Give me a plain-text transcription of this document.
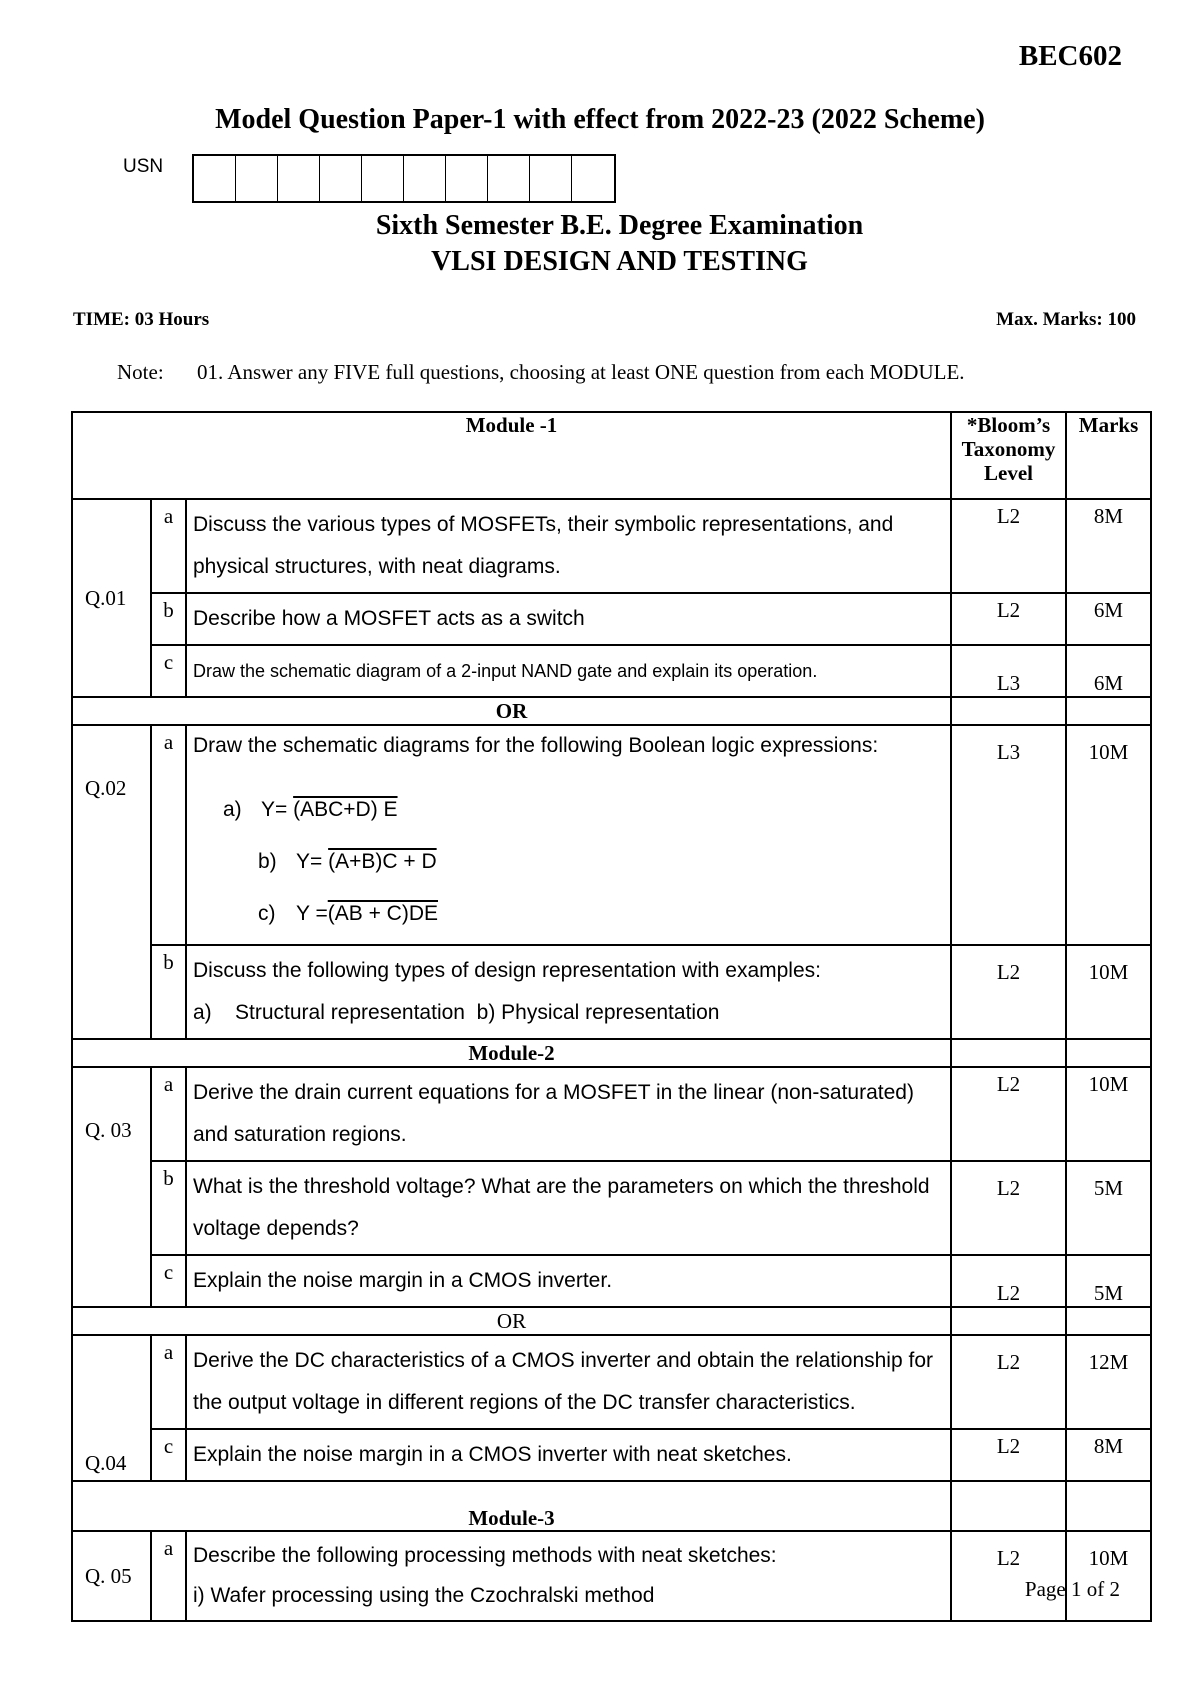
BEC602
Model Question Paper-1 with effect from 2022-23 (2022 Scheme)
USN
Sixth Semester B.E. Degree Examination
VLSI DESIGN AND TESTING
TIME: 03 Hours	Max. Marks: 100
Note: 01. Answer any FIVE full questions, choosing at least ONE question from each MODULE.
Module -1			*Bloom’s Taxonomy Level	Marks
Q.01	a	Discuss the various types of MOSFETs, their symbolic representations, and physical structures, with neat diagrams.	L2	8M
	b	Describe how a MOSFET acts as a switch	L2	6M
	c	Draw the schematic diagram of a 2-input NAND gate and explain its operation.	L3	6M
OR				
Q.02	a	Draw the schematic diagrams for the following Boolean logic expressions:
a) Y= (ABC+D) E
b) Y= (A+B)C + D
c) Y =(AB + C)DE	L3	10M
	b	Discuss the following types of design representation with examples:
a)    Structural representation  b) Physical representation	L2	10M
Module-2				
Q. 03	a	Derive the drain current equations for a MOSFET in the linear (non-saturated) and saturation regions.	L2	10M
	b	What is the threshold voltage? What are the parameters on which the threshold voltage depends?	L2	5M
	c	Explain the noise margin in a CMOS inverter.	L2	5M
OR				
Q.04	a	Derive the DC characteristics of a CMOS inverter and obtain the relationship for the output voltage in different regions of the DC transfer characteristics.	L2	12M
	c	Explain the noise margin in a CMOS inverter with neat sketches.	L2	8M
Module-3				
Q. 05	a	Describe the following processing methods with neat sketches:
i) Wafer processing using the Czochralski method	L2	10M
Page 1 of 2
